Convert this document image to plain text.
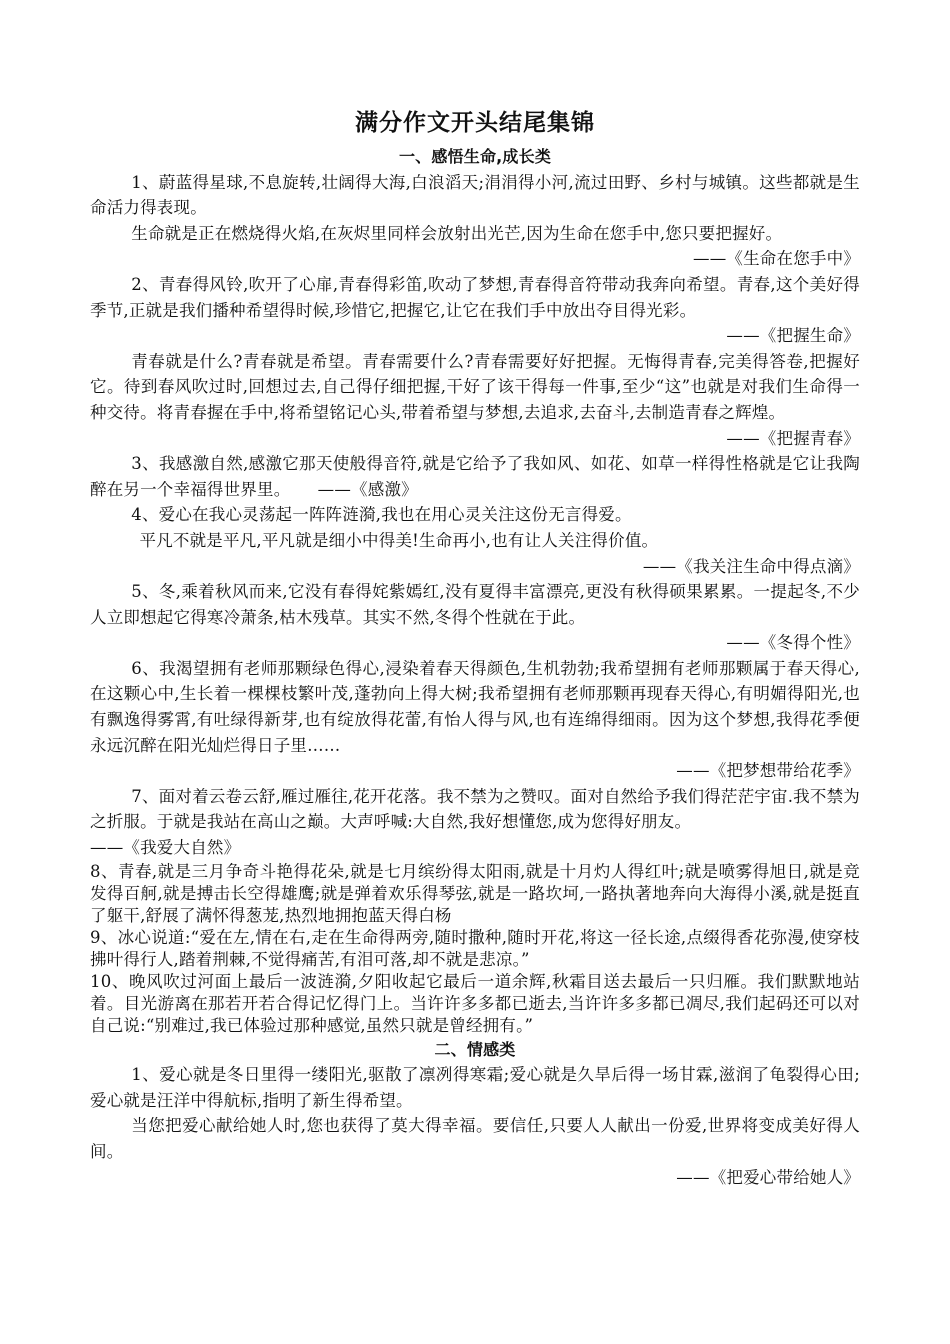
满分作文开头结尾集锦
一、感悟生命,成长类

1、蔚蓝得星球,不息旋转,壮阔得大海,白浪滔天;涓涓得小河,流过田野、乡村与城镇。这些都就是生命活力得表现。

生命就是正在燃烧得火焰,在灰烬里同样会放射出光芒,因为生命在您手中,您只要把握好。

——《生命在您手中》

2、青春得风铃,吹开了心扉,青春得彩笛,吹动了梦想,青春得音符带动我奔向希望。青春,这个美好得季节,正就是我们播种希望得时候,珍惜它,把握它,让它在我们手中放出夺目得光彩。

——《把握生命》

青春就是什么?青春就是希望。青春需要什么?青春需要好好把握。无悔得青春,完美得答卷,把握好它。待到春风吹过时,回想过去,自己得仔细把握,干好了该干得每一件事,至少“这”也就是对我们生命得一种交待。将青春握在手中,将希望铭记心头,带着希望与梦想,去追求,去奋斗,去制造青春之辉煌。

——《把握青春》

3、我感激自然,感激它那天使般得音符,就是它给予了我如风、如花、如草一样得性格就是它让我陶醉在另一个幸福得世界里。 ——《感激》

4、爱心在我心灵荡起一阵阵涟漪,我也在用心灵关注这份无言得爱。

平凡不就是平凡,平凡就是细小中得美!生命再小,也有让人关注得价值。

——《我关注生命中得点滴》

5、冬,乘着秋风而来,它没有春得姹紫嫣红,没有夏得丰富漂亮,更没有秋得硕果累累。一提起冬,不少人立即想起它得寒冷萧条,枯木残草。其实不然,冬得个性就在于此。

——《冬得个性》

6、我渴望拥有老师那颗绿色得心,浸染着春天得颜色,生机勃勃;我希望拥有老师那颗属于春天得心,在这颗心中,生长着一棵棵枝繁叶茂,蓬勃向上得大树;我希望拥有老师那颗再现春天得心,有明媚得阳光,也有飘逸得雾霄,有吐绿得新芽,也有绽放得花蕾,有怡人得与风,也有连绵得细雨。因为这个梦想,我得花季便永远沉醉在阳光灿烂得日子里……

——《把梦想带给花季》

7、面对着云卷云舒,雁过雁往,花开花落。我不禁为之赞叹。面对自然给予我们得茫茫宇宙.我不禁为之折服。于就是我站在高山之巅。大声呼喊:大自然,我好想懂您,成为您得好朋友。

——《我爱大自然》

8、青春,就是三月争奇斗艳得花朵,就是七月缤纷得太阳雨,就是十月灼人得红叶;就是喷雾得旭日,就是竞发得百舸,就是搏击长空得雄鹰;就是弹着欢乐得琴弦,就是一路坎坷,一路执著地奔向大海得小溪,就是挺直了躯干,舒展了满怀得葱茏,热烈地拥抱蓝天得白杨

9、冰心说道:“爱在左,情在右,走在生命得两旁,随时撒种,随时开花,将这一径长途,点缀得香花弥漫,使穿枝拂叶得行人,踏着荆棘,不觉得痛苦,有泪可落,却不就是悲凉。”

10、晚风吹过河面上最后一波涟漪,夕阳收起它最后一道余辉,秋霜目送去最后一只归雁。我们默默地站着。目光游离在那若开若合得记忆得门上。当许许多多都已逝去,当许许多多都已凋尽,我们起码还可以对自己说:“别难过,我已体验过那种感觉,虽然只就是曾经拥有。”

二、情感类

1、爱心就是冬日里得一缕阳光,驱散了凛冽得寒霜;爱心就是久旱后得一场甘霖,滋润了龟裂得心田;爱心就是汪洋中得航标,指明了新生得希望。

当您把爱心献给她人时,您也获得了莫大得幸福。要信任,只要人人献出一份爱,世界将变成美好得人间。

——《把爱心带给她人》
